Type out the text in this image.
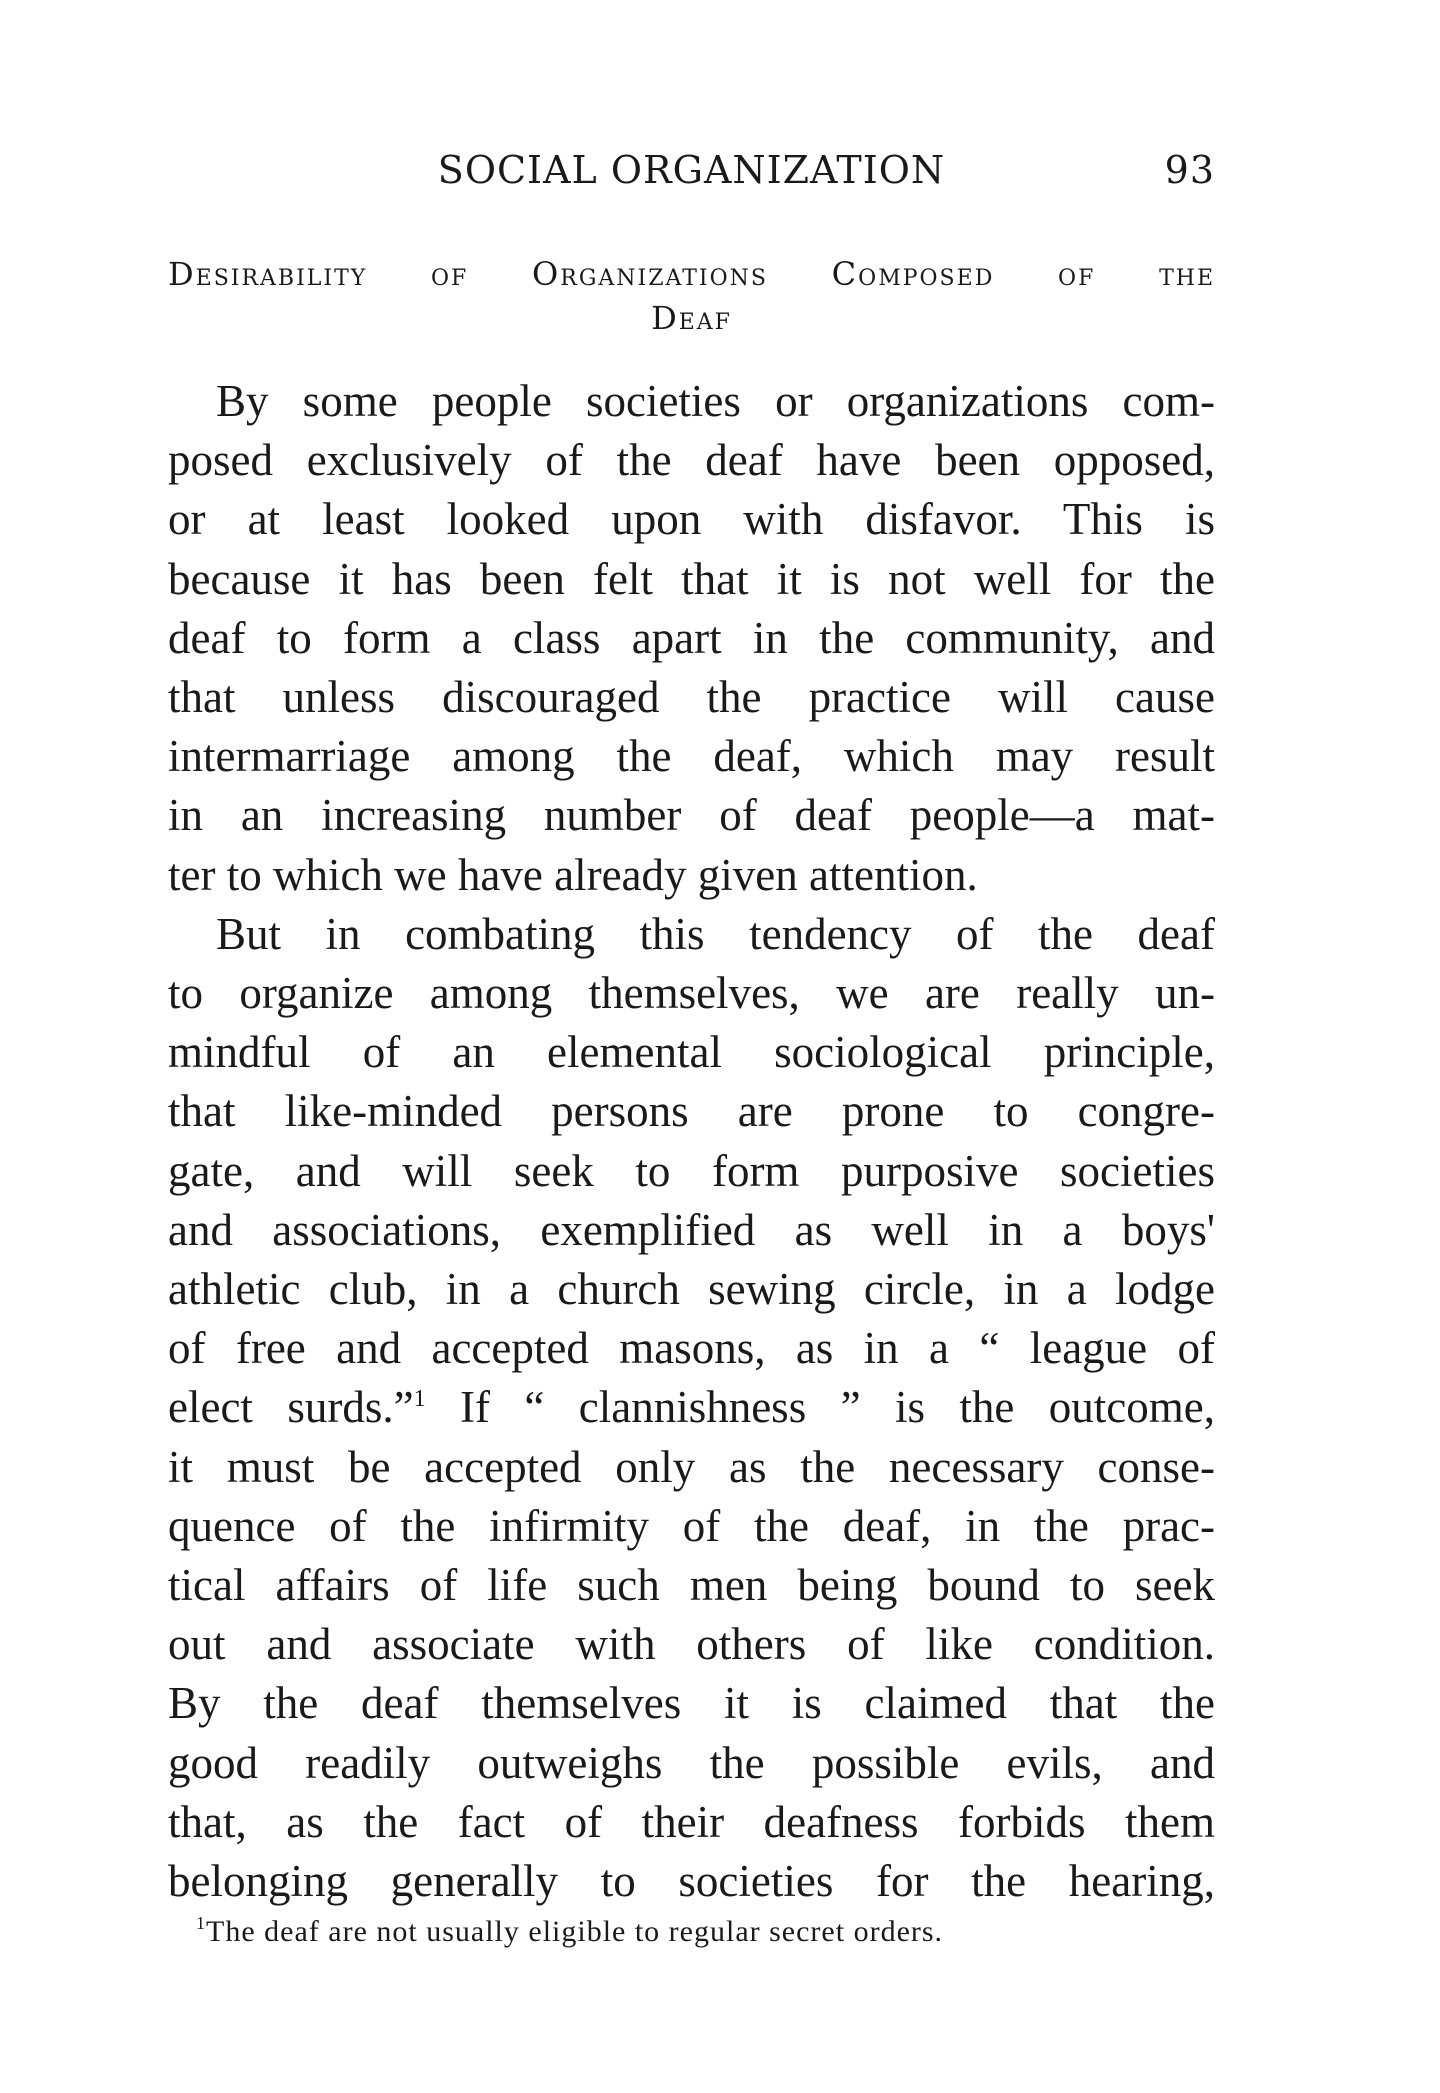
SOCIAL ORGANIZATION	93
Desirability of Organizations Composed of the
Deaf
By some people societies or organizations com-
posed exclusively of the deaf have been opposed,
or at least looked upon with disfavor. This is
because it has been felt that it is not well for the
deaf to form a class apart in the community, and
that unless discouraged the practice will cause
intermarriage among the deaf, which may result
in an increasing number of deaf people—a mat-
ter to which we have already given attention.
But in combating this tendency of the deaf
to organize among themselves, we are really un-
mindful of an elemental sociological principle,
that like-minded persons are prone to congre-
gate, and will seek to form purposive societies
and associations, exemplified as well in a boys'
athletic club, in a church sewing circle, in a lodge
of free and accepted masons, as in a “ league of
elect surds.”$^1$ If “ clannishness ” is the outcome,
it must be accepted only as the necessary conse-
quence of the infirmity of the deaf, in the prac-
tical affairs of life such men being bound to seek
out and associate with others of like condition.
By the deaf themselves it is claimed that the
good readily outweighs the possible evils, and
that, as the fact of their deafness forbids them
belonging generally to societies for the hearing,
$^1$The deaf are not usually eligible to regular secret orders.
